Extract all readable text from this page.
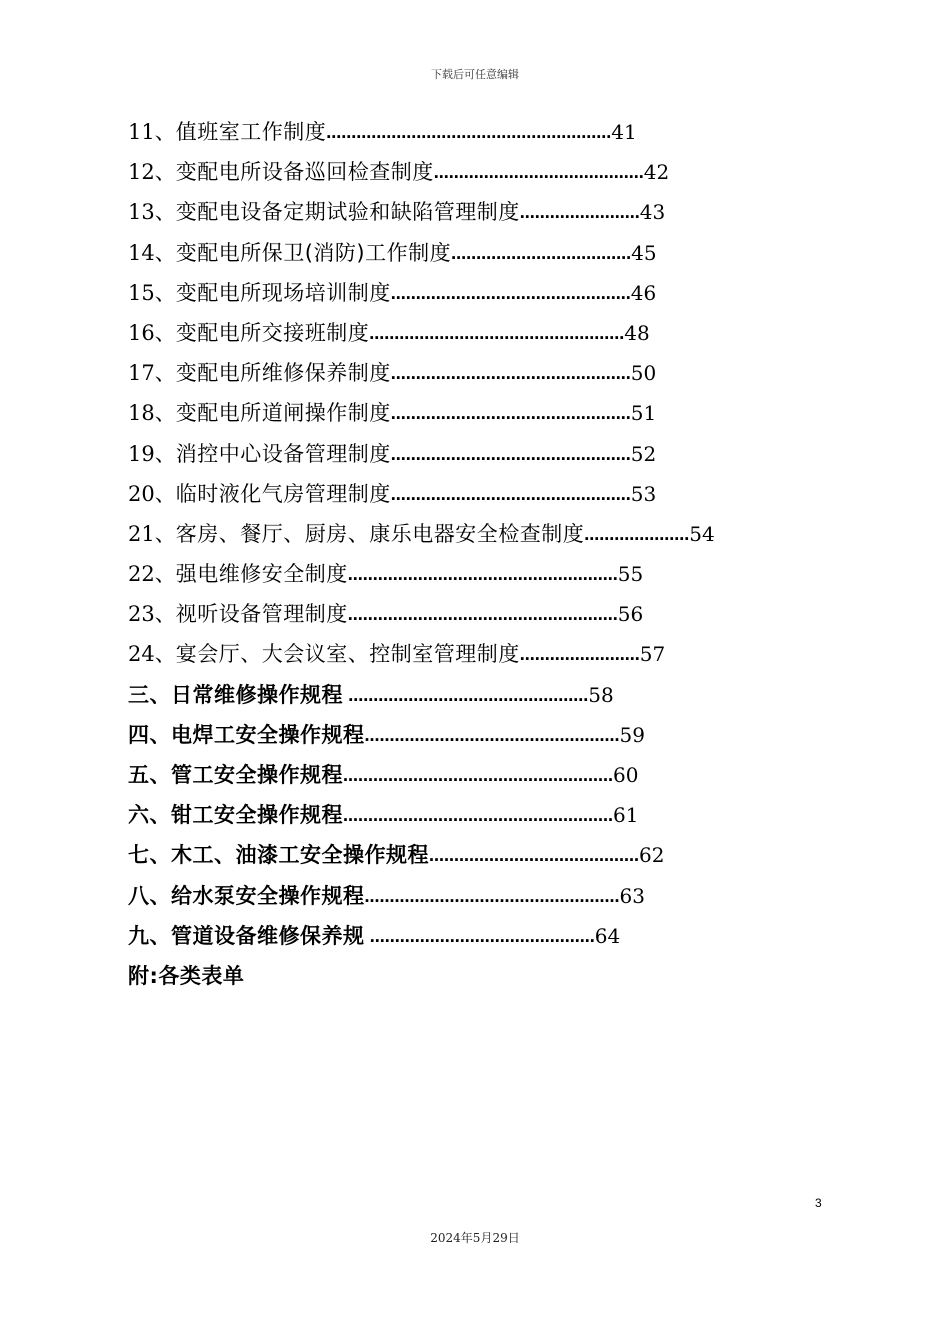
下载后可任意编辑
11、值班室工作制度…………………………………………………41
12、变配电所设备巡回检查制度……………………………………42
13、变配电设备定期试验和缺陷管理制度……………………43
14、变配电所保卫(消防)工作制度………………………………45
15、变配电所现场培训制度…………………………………………46
16、变配电所交接班制度……………………………………………48
17、变配电所维修保养制度…………………………………………50
18、变配电所道闸操作制度…………………………………………51
19、消控中心设备管理制度…………………………………………52
20、临时液化气房管理制度…………………………………………53
21、客房、餐厅、厨房、康乐电器安全检查制度…………………54
22、强电维修安全制度………………………………………………55
23、视听设备管理制度………………………………………………56
24、宴会厅、大会议室、控制室管理制度……………………57
三、日常维修操作规程 …………………………………………58
四、电焊工安全操作规程……………………………………………59
五、管工安全操作规程………………………………………………60
六、钳工安全操作规程………………………………………………61
七、木工、油漆工安全操作规程……………………………………62
八、给水泵安全操作规程……………………………………………63
九、管道设备维修保养规 ………………………………………64
附:各类表单
3
2024年5月29日
